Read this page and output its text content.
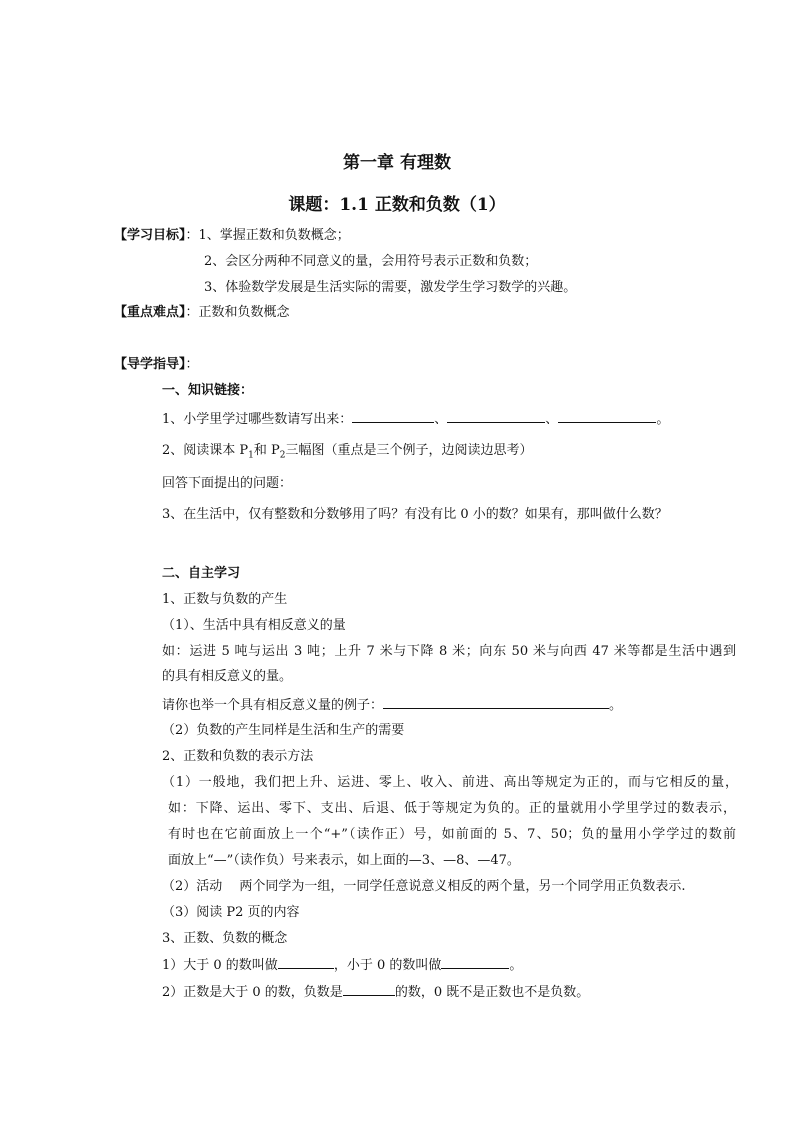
第一章 有理数
课题：1.1 正数和负数（1）
【学习目标】：1、掌握正数和负数概念；
2、会区分两种不同意义的量，会用符号表示正数和负数；
3、体验数学发展是生活实际的需要，激发学生学习数学的兴趣。
【重点难点】：正数和负数概念
【导学指导】：
一、知识链接：
1、小学里学过哪些数请写出来：	、	、	。
2、阅读课本 $P_1$和 $P_2$三幅图（重点是三个例子，边阅读边思考）
回答下面提出的问题：
3、在生活中，仅有整数和分数够用了吗？有没有比 0 小的数？如果有，那叫做什么数？
二、自主学习
1、正数与负数的产生
（1）、生活中具有相反意义的量
如：运进 5 吨与运出 3 吨；上升 7 米与下降 8 米；向东 50 米与向西 47 米等都是生活中遇到
的具有相反意义的量。
请你也举一个具有相反意义量的例子：	。
（2）负数的产生同样是生活和生产的需要
2、正数和负数的表示方法
（1）一般地，我们把上升、运进、零上、收入、前进、高出等规定为正的，而与它相反的量，
如：下降、运出、零下、支出、后退、低于等规定为负的。正的量就用小学里学过的数表示，
有时也在它前面放上一个“+”（读作正）号，如前面的 5、7、50；负的量用小学学过的数前
面放上“—”（读作负）号来表示，如上面的—3、—8、—47。
（2）活动　 两个同学为一组，一同学任意说意义相反的两个量，另一个同学用正负数表示.
（3）阅读 P2 页的内容
3、正数、负数的概念
1）大于 0 的数叫做	，小于 0 的数叫做	。
2）正数是大于 0 的数，负数是	的数，0 既不是正数也不是负数。
